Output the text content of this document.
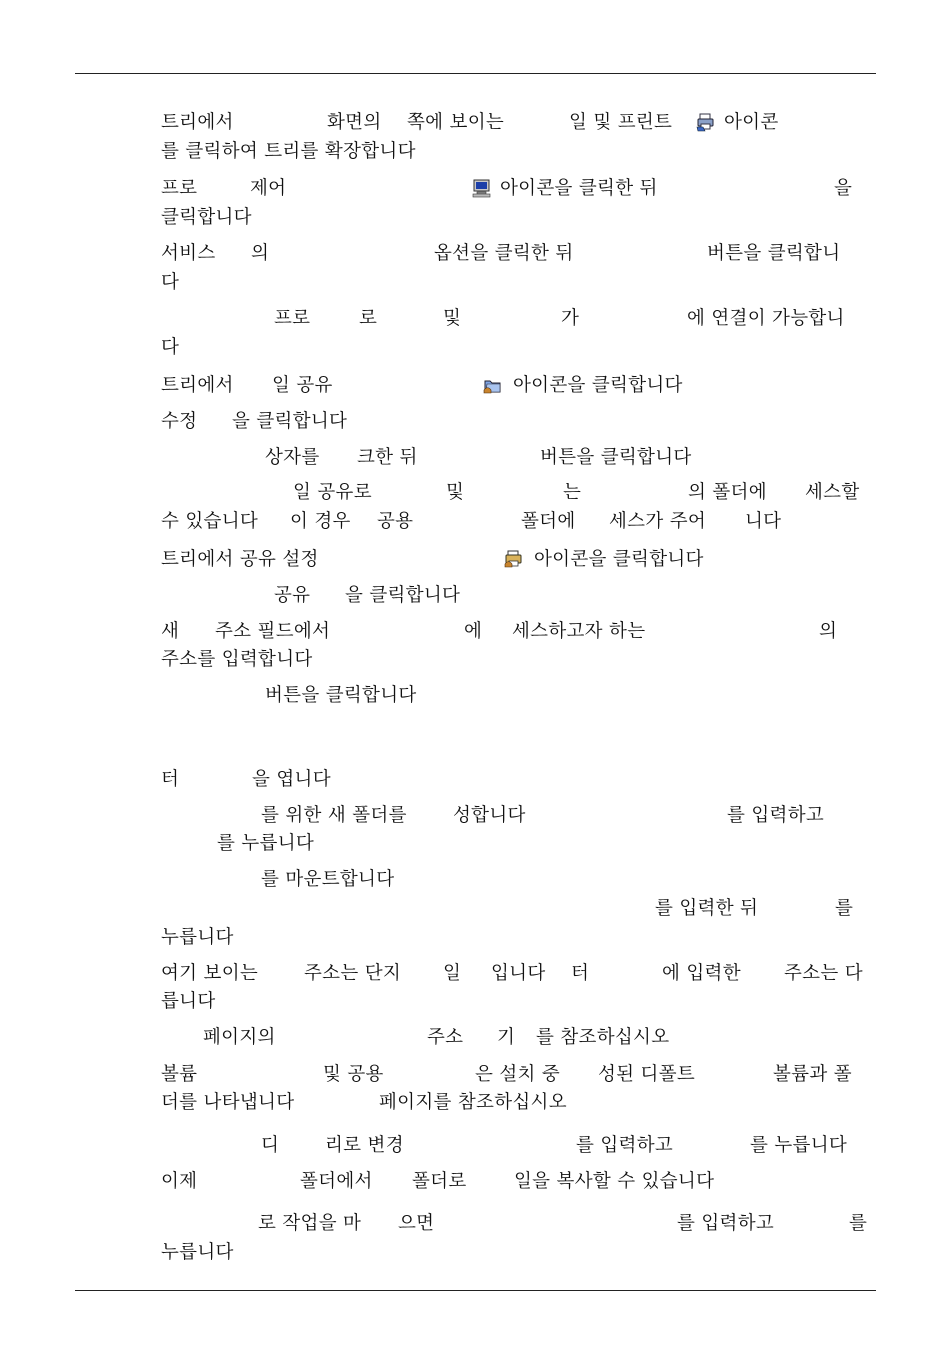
트리에서	화면의 쪽에 보이는	일 및 프린트	아이콘
를 클릭하여 트리를 확장합니다
프로	제어	아이콘을 클릭한 뒤	을
클릭합니다
서비스 의	옵션을 클릭한 뒤	버튼을 클릭합니
다
프로	로	및	가	에 연결이 가능합니
다
트리에서 일 공유	아이콘을 클릭합니다
수정 을 클릭합니다
상자를 크한 뒤	버튼을 클릭합니다
일 공유로	및	는	의 폴더에 세스할
수 있습니다 이 경우 공용	폴더에 세스가 주어 니다
트리에서 공유 설정	아이콘을 클릭합니다
공유 을 클릭합니다
새 주소 필드에서	에 세스하고자 하는	의
주소를 입력합니다
버튼을 클릭합니다
터	을 엽니다
를 위한 새 폴더를	성합니다	를 입력하고
를 누릅니다
를 마운트합니다
를 입력한 뒤	를
누릅니다
여기 보이는 주소는 단지 일 입니다 터	에 입력한 주소는 다
릅니다
페이지의	주소 기 를 참조하십시오
볼륨	및 공용	은 설치 중 성된 디폴트	볼륨과 폴
더를 나타냅니다	페이지를 참조하십시오
디 리로 변경	를 입력하고	를 누릅니다
이제	폴더에서 폴더로	일을 복사할 수 있습니다
로 작업을 마 으면	를 입력하고	를
누릅니다
